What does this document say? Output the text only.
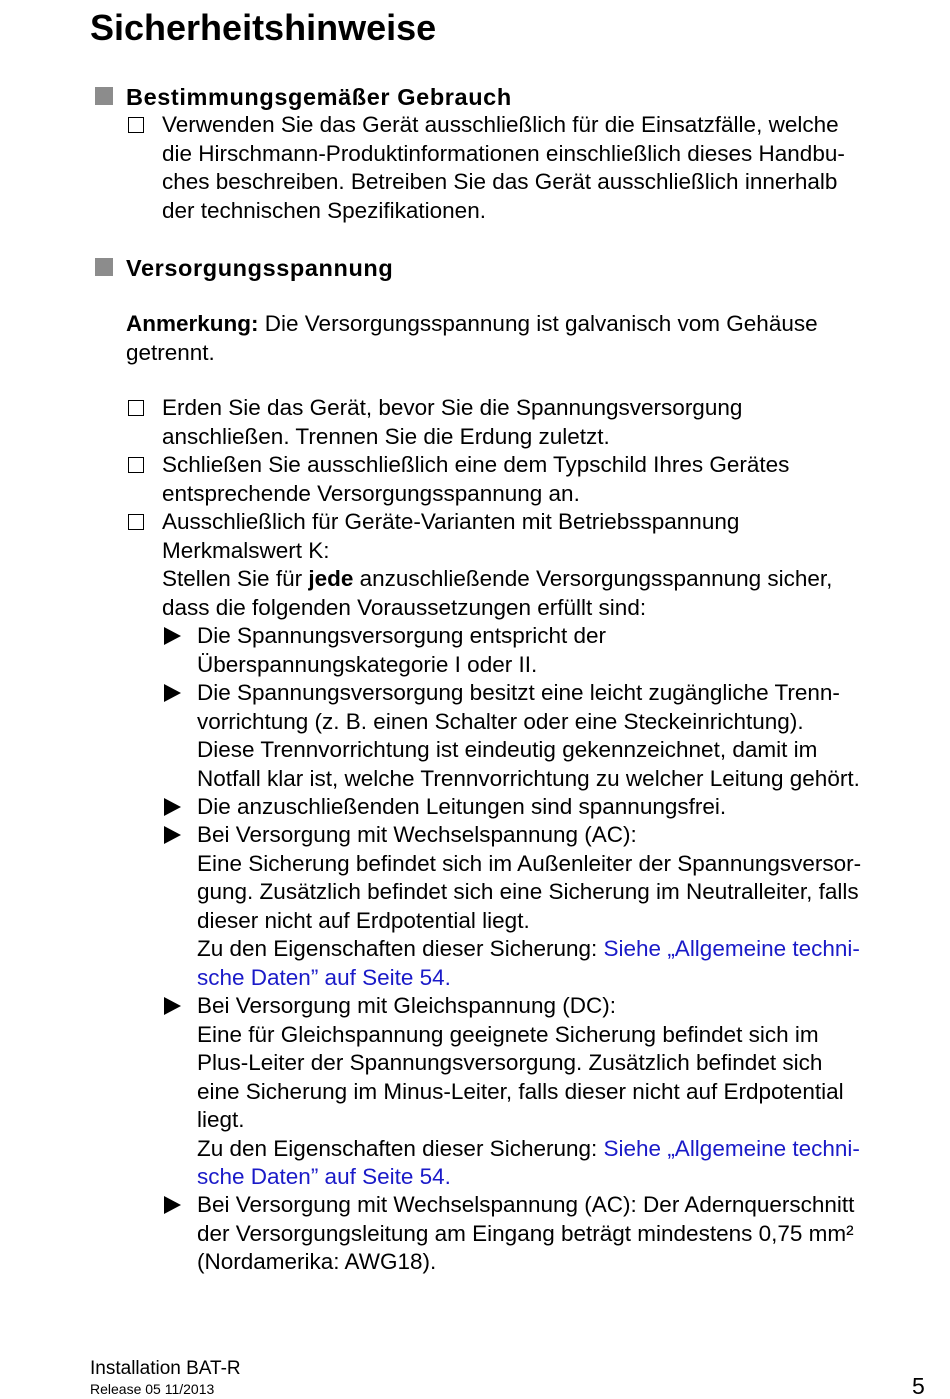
Sicherheitshinweise
Bestimmungsgemäßer Gebrauch
Verwenden Sie das Gerät ausschließlich für die Einsatzfälle, welche
die Hirschmann-Produktinformationen einschließlich dieses Handbu-
ches beschreiben. Betreiben Sie das Gerät ausschließlich innerhalb
der technischen Spezifikationen.
Versorgungsspannung
Anmerkung: Die Versorgungsspannung ist galvanisch vom Gehäuse
getrennt.
Erden Sie das Gerät, bevor Sie die Spannungsversorgung
anschließen. Trennen Sie die Erdung zuletzt.
Schließen Sie ausschließlich eine dem Typschild Ihres Gerätes
entsprechende Versorgungsspannung an.
Ausschließlich für Geräte-Varianten mit Betriebsspannung
Merkmalswert K:
Stellen Sie für jede anzuschließende Versorgungsspannung sicher,
dass die folgenden Voraussetzungen erfüllt sind:
Die Spannungsversorgung entspricht der
Überspannungskategorie I oder II.
Die Spannungsversorgung besitzt eine leicht zugängliche Trenn-
vorrichtung (z. B. einen Schalter oder eine Steckeinrichtung).
Diese Trennvorrichtung ist eindeutig gekennzeichnet, damit im
Notfall klar ist, welche Trennvorrichtung zu welcher Leitung gehört.
Die anzuschließenden Leitungen sind spannungsfrei.
Bei Versorgung mit Wechselspannung (AC):
Eine Sicherung befindet sich im Außenleiter der Spannungsversor-
gung. Zusätzlich befindet sich eine Sicherung im Neutralleiter, falls
dieser nicht auf Erdpotential liegt.
Zu den Eigenschaften dieser Sicherung: Siehe „Allgemeine techni-
sche Daten” auf Seite 54.
Bei Versorgung mit Gleichspannung (DC):
Eine für Gleichspannung geeignete Sicherung befindet sich im
Plus-Leiter der Spannungsversorgung. Zusätzlich befindet sich
eine Sicherung im Minus-Leiter, falls dieser nicht auf Erdpotential
liegt.
Zu den Eigenschaften dieser Sicherung: Siehe „Allgemeine techni-
sche Daten” auf Seite 54.
Bei Versorgung mit Wechselspannung (AC): Der Adernquerschnitt
der Versorgungsleitung am Eingang beträgt mindestens 0,75 mm²
(Nordamerika: AWG18).
Installation BAT-R
Release 05 11/2013	5
